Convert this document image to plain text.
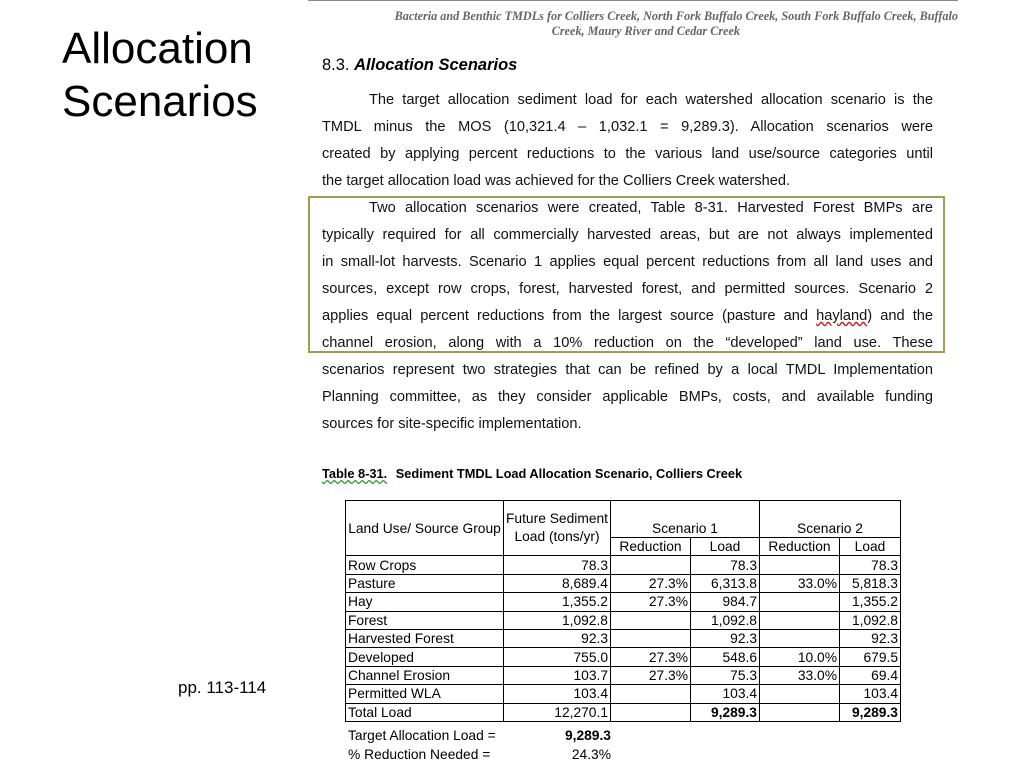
Allocation
Scenarios
pp. 113-114
Bacteria and Benthic TMDLs for Colliers Creek, North Fork Buffalo Creek, South Fork Buffalo Creek, Buffalo
Creek, Maury River and Cedar Creek
8.3. Allocation Scenarios
The target allocation sediment load for each watershed allocation scenario is the
TMDL minus the MOS (10,321.4 – 1,032.1 = 9,289.3). Allocation scenarios were
created by applying percent reductions to the various land use/source categories until
the target allocation load was achieved for the Colliers Creek watershed.
Two allocation scenarios were created, Table 8-31. Harvested Forest BMPs are
typically required for all commercially harvested areas, but are not always implemented
in small-lot harvests. Scenario 1 applies equal percent reductions from all land uses and
sources, except row crops, forest, harvested forest, and permitted sources. Scenario 2
applies equal percent reductions from the largest source (pasture and hayland) and the
channel erosion, along with a 10% reduction on the “developed” land use. These
scenarios represent two strategies that can be refined by a local TMDL Implementation
Planning committee, as they consider applicable BMPs, costs, and available funding
sources for site-specific implementation.
Table 8-31. Sediment TMDL Load Allocation Scenario, Colliers Creek
Land Use/ Source Group	Future Sediment Load (tons/yr)	Scenario 1		Scenario 2	
		Reduction	Load	Reduction	Load
Row Crops	78.3		78.3		78.3
Pasture	8,689.4	27.3%	6,313.8	33.0%	5,818.3
Hay	1,355.2	27.3%	984.7		1,355.2
Forest	1,092.8		1,092.8		1,092.8
Harvested Forest	92.3		92.3		92.3
Developed	755.0	27.3%	548.6	10.0%	679.5
Channel Erosion	103.7	27.3%	75.3	33.0%	69.4
Permitted WLA	103.4		103.4		103.4
Total Load	12,270.1		9,289.3		9,289.3
Target Allocation Load =	9,289.3
% Reduction Needed =	24.3%
